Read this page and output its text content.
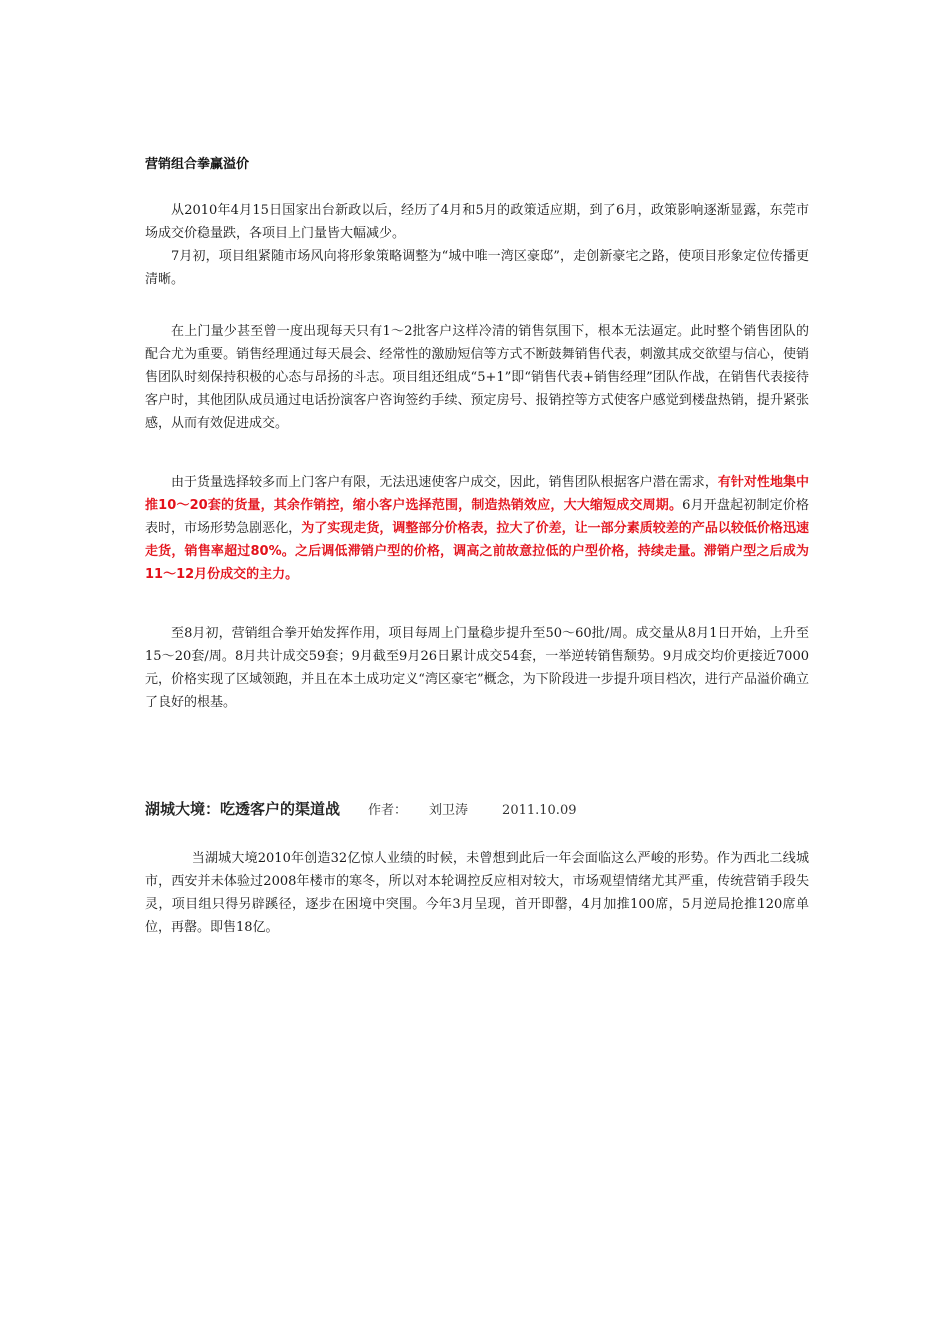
营销组合拳赢溢价

从2010年4月15日国家出台新政以后，经历了4月和5月的政策适应期，到了6月，政策影响逐渐显露，东莞市场成交价稳量跌，各项目上门量皆大幅减少。

7月初，项目组紧随市场风向将形象策略调整为“城中唯一湾区豪邸”，走创新豪宅之路，使项目形象定位传播更清晰。

在上门量少甚至曾一度出现每天只有1～2批客户这样冷清的销售氛围下，根本无法逼定。此时整个销售团队的配合尤为重要。销售经理通过每天晨会、经常性的激励短信等方式不断鼓舞销售代表，刺激其成交欲望与信心，使销售团队时刻保持积极的心态与昂扬的斗志。项目组还组成“5+1”即“销售代表+销售经理”团队作战，在销售代表接待客户时，其他团队成员通过电话扮演客户咨询签约手续、预定房号、报销控等方式使客户感觉到楼盘热销，提升紧张感，从而有效促进成交。

由于货量选择较多而上门客户有限，无法迅速使客户成交，因此，销售团队根据客户潜在需求，有针对性地集中推10～20套的货量，其余作销控，缩小客户选择范围，制造热销效应，大大缩短成交周期。6月开盘起初制定价格表时，市场形势急剧恶化，为了实现走货，调整部分价格表，拉大了价差，让一部分素质较差的产品以较低价格迅速走货，销售率超过80%。之后调低滞销户型的价格，调高之前故意拉低的户型价格，持续走量。滞销户型之后成为11～12月份成交的主力。

至8月初，营销组合拳开始发挥作用，项目每周上门量稳步提升至50～60批/周。成交量从8月1日开始，上升至15～20套/周。8月共计成交59套；9月截至9月26日累计成交54套，一举逆转销售颓势。9月成交均价更接近7000元，价格实现了区域领跑，并且在本土成功定义“湾区豪宅”概念，为下阶段进一步提升项目档次，进行产品溢价确立了良好的根基。

湖城大境：吃透客户的渠道战 作者： 刘卫涛	2011.10.09

当湖城大境2010年创造32亿惊人业绩的时候，未曾想到此后一年会面临这么严峻的形势。作为西北二线城市，西安并未体验过2008年楼市的寒冬，所以对本轮调控反应相对较大，市场观望情绪尤其严重，传统营销手段失灵，项目组只得另辟蹊径，逐步在困境中突围。今年3月呈现，首开即罄，4月加推100席，5月逆局抢推120席单位，再罄。即售18亿。
